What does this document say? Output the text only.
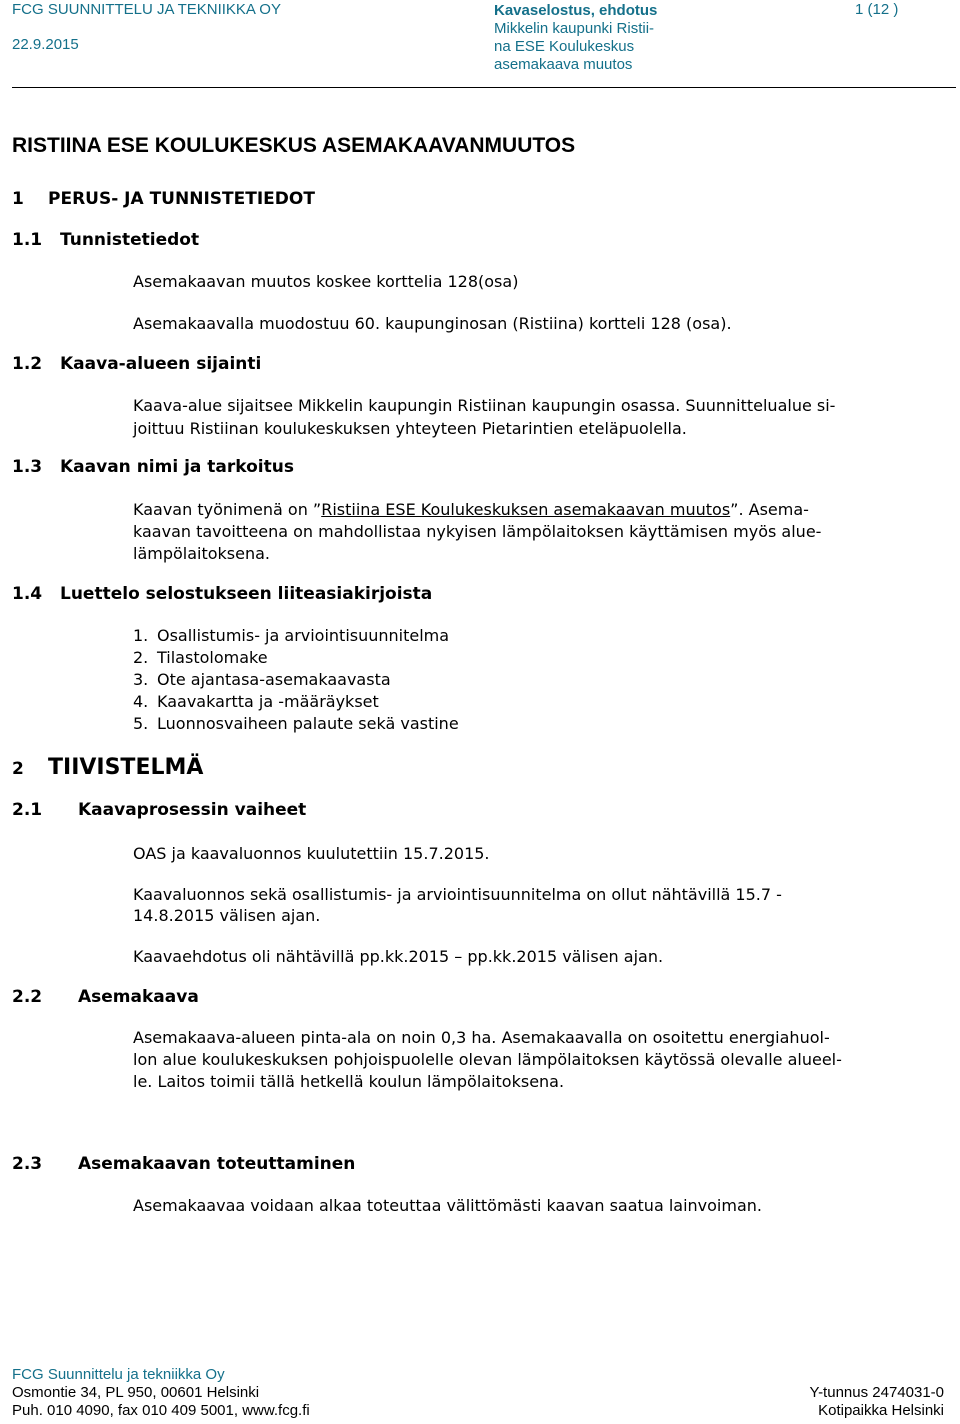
FCG SUUNNITTELU JA TEKNIIKKA OY
22.9.2015
Kavaselostus, ehdotus
Mikkelin kaupunki Ristii-
na ESE Koulukeskus
asemakaava muutos
1 (12 )
RISTIINA ESE KOULUKESKUS ASEMAKAAVANMUUTOS
1 PERUS- JA TUNNISTETIEDOT
1.1 Tunnistetiedot
Asemakaavan muutos koskee korttelia 128(osa)
Asemakaavalla muodostuu 60. kaupunginosan (Ristiina) kortteli 128 (osa).
1.2 Kaava-alueen sijainti
Kaava-alue sijaitsee Mikkelin kaupungin Ristiinan kaupungin osassa. Suunnittelualue si-
joittuu Ristiinan koulukeskuksen yhteyteen Pietarintien eteläpuolella.
1.3 Kaavan nimi ja tarkoitus
Kaavan työnimenä on ”Ristiina ESE Koulukeskuksen asemakaavan muutos”. Asema-
kaavan tavoitteena on mahdollistaa nykyisen lämpölaitoksen käyttämisen myös alue-
lämpölaitoksena.
1.4 Luettelo selostukseen liiteasiakirjoista
1. Osallistumis- ja arviointisuunnitelma
2. Tilastolomake
3. Ote ajantasa-asemakaavasta
4. Kaavakartta ja -määräykset
5. Luonnosvaiheen palaute sekä vastine
2 TIIVISTELMÄ
2.1 Kaavaprosessin vaiheet
OAS ja kaavaluonnos kuulutettiin 15.7.2015.
Kaavaluonnos sekä osallistumis- ja arviointisuunnitelma on ollut nähtävillä 15.7 -
14.8.2015 välisen ajan.
Kaavaehdotus oli nähtävillä pp.kk.2015 – pp.kk.2015 välisen ajan.
2.2 Asemakaava
Asemakaava-alueen pinta-ala on noin 0,3 ha. Asemakaavalla on osoitettu energiahuol-
lon alue koulukeskuksen pohjoispuolelle olevan lämpölaitoksen käytössä olevalle alueel-
le. Laitos toimii tällä hetkellä koulun lämpölaitoksena.
2.3 Asemakaavan toteuttaminen
Asemakaavaa voidaan alkaa toteuttaa välittömästi kaavan saatua lainvoiman.
FCG Suunnittelu ja tekniikka Oy
Osmontie 34, PL 950, 00601 Helsinki
Puh. 010 4090, fax 010 409 5001, www.fcg.fi
Y-tunnus 2474031-0
Kotipaikka Helsinki
